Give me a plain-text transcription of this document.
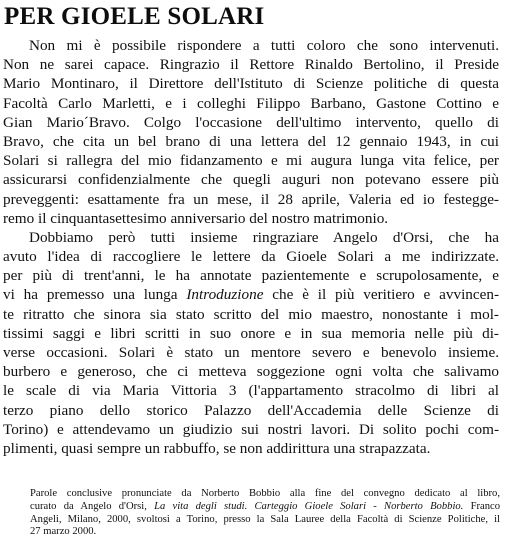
PER GIOELE SOLARI
Non mi è possibile rispondere a tutti coloro che sono intervenuti.
Non ne sarei capace. Ringrazio il Rettore Rinaldo Bertolino, il Preside
Mario Montinaro, il Direttore dell'Istituto di Scienze politiche di questa
Facoltà Carlo Marletti, e i colleghi Filippo Barbano, Gastone Cottino e
Gian Mario´Bravo. Colgo l'occasione dell'ultimo intervento, quello di
Bravo, che cita un bel brano di una lettera del 12 gennaio 1943, in cui
Solari si rallegra del mio fidanzamento e mi augura lunga vita felice, per
assicurarsi confidenzialmente che quegli auguri non potevano essere più
preveggenti: esattamente fra un mese, il 28 aprile, Valeria ed io festegge-
remo il cinquantasettesimo anniversario del nostro matrimonio.
Dobbiamo però tutti insieme ringraziare Angelo d'Orsi, che ha
avuto l'idea di raccogliere le lettere da Gioele Solari a me indirizzate.
per più di trent'anni, le ha annotate pazientemente e scrupolosamente, e
vi ha premesso una lunga Introduzione che è il più veritiero e avvincen-
te ritratto che sinora sia stato scritto del mio maestro, nonostante i mol-
tissimi saggi e libri scritti in suo onore e in sua memoria nelle più di-
verse occasioni. Solari è stato un mentore severo e benevolo insieme.
burbero e generoso, che ci metteva soggezione ogni volta che salivamo
le scale di via Maria Vittoria 3 (l'appartamento stracolmo di libri al
terzo piano dello storico Palazzo dell'Accademia delle Scienze di
Torino) e attendevamo un giudizio sui nostri lavori. Di solito pochi com-
plimenti, quasi sempre un rabbuffo, se non addirittura una strapazzata.
Parole conclusive pronunciate da Norberto Bobbio alla fine del convegno dedicato al libro,
curato da Angelo d'Orsi, La vita degli studi. Carteggio Gioele Solari - Norberto Bobbio. Franco
Angeli, Milano, 2000, svoltosi a Torino, presso la Sala Lauree della Facoltà di Scienze Politiche, il
27 marzo 2000.
